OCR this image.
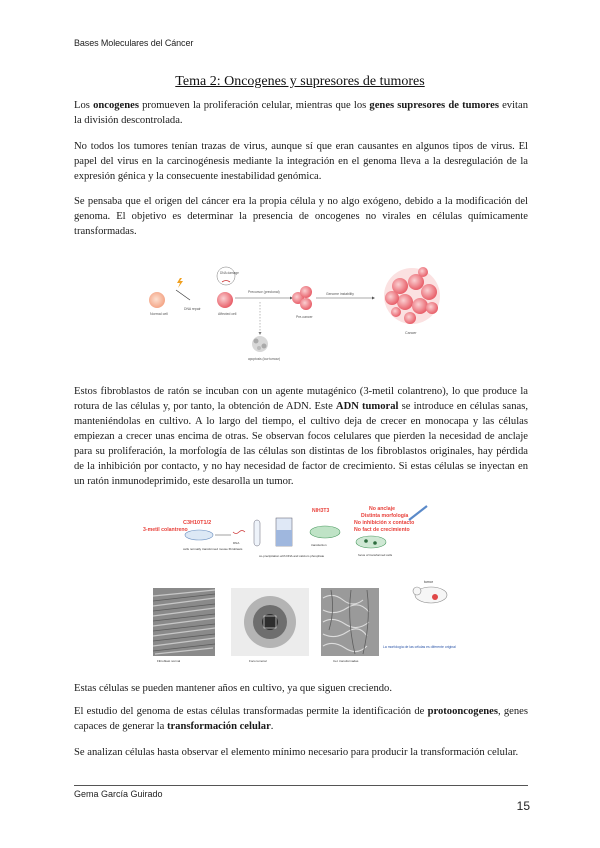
Bases Moleculares del Cáncer
Tema 2: Oncogenes y supresores de tumores

Los oncogenes promueven la proliferación celular, mientras que los genes supresores de tumores evitan la división descontrolada.

No todos los tumores tenían trazas de virus, aunque sí que eran causantes en algunos tipos de virus. El papel del virus en la carcinogénesis mediante la integración en el genoma lleva a la desregulación de la expresión génica y la consecuente inestabilidad genómica.

Se pensaba que el origen del cáncer era la propia célula y no algo exógeno, debido a la modificación del genoma. El objetivo es determinar la presencia de oncogenes no virales en células químicamente transformadas.

Normal cell
DNA repair
DNA damage
Affected cell
Precursor (preclonal)
Pre-cancer
Genome instability
Cancer
apoptosis (low tumour)

Estos fibroblastos de ratón se incuban con un agente mutagénico (3-metil colantreno), lo que produce la rotura de las células y, por tanto, la obtención de ADN. Este ADN tumoral se introduce en células sanas, manteniéndolas en cultivo. A lo largo del tiempo, el cultivo deja de crecer en monocapa y las células empiezan a crecer unas encima de otras. Se observan focos celulares que pierden la necesidad de anclaje para su proliferación, la morfología de las células son distintas de los fibroblastos originales, hay pérdida de la inhibición por contacto, y no hay necesidad de factor de crecimiento. Si estas células se inyectan en un ratón inmunodeprimido, este desarolla un tumor.

3-metil colantreno
C3H10T1/2
cells normally transformed mouse fibroblasts
DNA
co-precipitation with DNA and calcium phosphate
NIH3T3
transfection
No anclaje
Distinta morfología
No inhibición x contacto
No fact de crecimiento
focus of transformed cells
tumor
Fibroblast normal	Foco tumoral	Cel. transformadas
La morfología de las células es diferente original

Estas células se pueden mantener años en cultivo, ya que siguen creciendo.

El estudio del genoma de estas células transformadas permite la identificación de protooncogenes, genes capaces de generar la transformación celular.

Se analizan células hasta observar el elemento mínimo necesario para producir la transformación celular.

Gema García Guirado
15
